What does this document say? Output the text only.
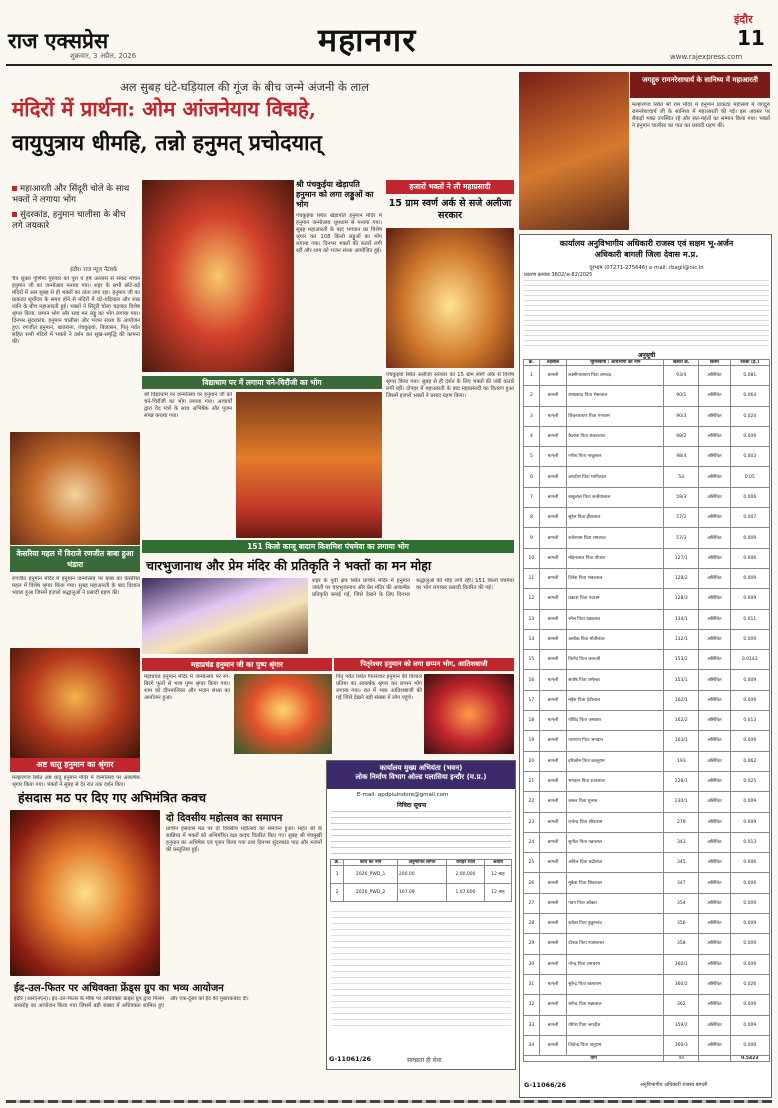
राज एक्सप्रेस
शुक्रवार, 3 अप्रैल, 2026	महानगर
इंदौर
11
www.rajexpress.com
अल सुबह घंटे-घड़ियाल की गूंज के बीच जन्मे अंजनी के लाल
मंदिरों में प्रार्थना: ओम आंजनेयाय विद्महे,
वायुपुत्राय धीमहि, तन्नो हनुमत् प्रचोदयात्
जगद्गुरु रामनरेशाचार्य के सानिध्य में महाआरती
मल्हारगंज स्थित श्री राम मंदिर में हनुमान प्राकट्य महोत्सव में जगद्गुरु रामनरेशाचार्य जी के सानिध्य में महाआरती की गई। इस अवसर पर सैकड़ों भक्त उपस्थित रहे और संत-महंतों का सम्मान किया गया। भक्तों ने हनुमान चालीसा का पाठ कर प्रसादी ग्रहण की।
महाआरती और सिंदूरी चोले के साथ भक्तों ने लगाया भोग
सुंदरकांड, हनुमान चालीसा के बीच लगे जयकारे
इंदौर। राज न्यूज नेटवर्क
चैत्र शुक्ल पूर्णिमा गुरुवार को पूरा व हर्ष उल्लास से संकट मोचन हनुमान जी का जन्मोत्सव मनाया गया। शहर के सभी छोटे-बड़े मंदिरों में अल सुबह से ही भक्तों का तांता लगा रहा। हनुमान जी का प्राकट्य सूर्योदय के समय होने से मंदिरों में घंटे-घड़ियाल और शंख ध्वनि के बीच महाआरती हुई। भक्तों ने सिंदूरी चोला चढ़ाकर विशेष श्रृंगार किया, छप्पन भोग और सवा मन लड्डू का भोग लगाया गया। दिनभर सुंदरकांड, हनुमान चालीसा और भजन संध्या के आयोजन हुए। रणजीत हनुमान, खजराना, पंचकुइया, बिजासन, पितृ पर्वत सहित सभी मंदिरों में भक्तों ने दर्शन कर सुख-समृद्धि की कामना की।
केसरिया महल में विराजे रणजीत बाबा हुआ भंडारा
रणजीत हनुमान मंदिर में हनुमान जन्मोत्सव पर बाबा का केसरिया महल में विशेष श्रृंगार किया गया। सुबह महाआरती के बाद विशाल भंडारा हुआ जिसमें हजारों श्रद्धालुओं ने प्रसादी ग्रहण की।
अष्ट धातु हनुमान का श्रृंगार
मल्हारगंज स्थित अष्ट धातु हनुमान मंदिर में जन्मोत्सव पर आकर्षक श्रृंगार किया गया। भक्तों ने सुबह से देर रात तक दर्शन किए।
श्री पंचकुईया खेड़ापति हनुमान को लगा लड्डुओं का भोग
पंचकुईया स्थित खेड़ापति हनुमान मंदिर में हनुमान जन्मोत्सव धूमधाम से मनाया गया। सुबह महाआरती के बाद भगवान का विशेष श्रृंगार कर 108 किलो लड्डुओं का भोग लगाया गया। दिनभर भक्तों की कतारें लगी रहीं और शाम को भजन संध्या आयोजित हुई।
हजारों भक्तों ने ली महाप्रसादी
15 ग्राम स्वर्ण अर्क से सजे अलीजा सरकार
पंचकुइया स्थित अलीजा सरकार का 15 ग्राम स्वर्ण अर्क से विशेष श्रृंगार किया गया। सुबह से ही दर्शन के लिए भक्तों की लंबी कतारें लगी रहीं। दोपहर में महाआरती के बाद महाप्रसादी का वितरण हुआ जिसमें हजारों भक्तों ने प्रसाद ग्रहण किया।
विद्याधाम पर में लगाया चने-चिरौंजी का भोग
श्री विद्याधाम पर जन्मोत्सव पर हनुमान जी को चने-चिरौंजी का भोग लगाया गया। आचार्यों द्वारा वेद मंत्रों के साथ अभिषेक और पूजन संपन्न कराया गया।
151 किलो काजू बादाम किशमिश पंचमेवा का लगाया भोग
चारभुजानाथ और प्रेम मंदिर की प्रतिकृति ने भक्तों का मन मोहा
शहर के पूर्वी क्षेत्र स्थित प्राचीन मंदिर में हनुमान जयंती पर चारभुजानाथ और प्रेम मंदिर की आकर्षक प्रतिकृति बनाई गई, जिसे देखने के लिए दिनभर श्रद्धालुओं की भीड़ लगी रही। 151 किलो पंचमेवा का भोग लगाकर प्रसादी वितरित की गई।
महाप्रचंड हनुमान जी का पुष्प श्रृंगार
महाप्रचंड हनुमान मंदिर में जन्मोत्सव पर रंग-बिरंगे फूलों से भव्य पुष्प श्रृंगार किया गया। शाम को दीपमालिका और भजन संध्या का आयोजन हुआ।
पितृरेश्वर हनुमान को लगा छप्पन भोग, आतिशबाजी
पितृ पर्वत स्थित पितरेश्वर हनुमान की विशाल प्रतिमा का आकर्षक श्रृंगार कर छप्पन भोग लगाया गया। रात में भव्य आतिशबाजी की गई जिसे देखने बड़ी संख्या में लोग पहुंचे।
हंसदास मठ पर दिए गए अभिमंत्रित कवच
दो दिवसीय महोत्सव का समापन
प्राचीन हंसदास मठ पर दो दिवसीय महोत्सव का समापन हुआ। महंत श्री के सान्निध्य में भक्तों को अभिमंत्रित रक्षा कवच वितरित किए गए। सुबह श्री पंचमुखी हनुमान का अभिषेक एवं पूजन किया गया तथा दिनभर सुंदरकांड पाठ और भजनों की प्रस्तुतियां हुईं।
ईद-उल-फितर पर अधिवक्ता फ्रेंड्स ग्रुप का भव्य आयोजन
इंदौर (आरएनएन)। ईद-उल-फितर के मौके पर अधिवक्ता फ्रेंड्स ग्रुप द्वारा मिलन समारोह का आयोजन किया गया जिसमें बड़ी संख्या में अधिवक्ता शामिल हुए और एक-दूसरे को ईद की मुबारकबाद दी।
कार्यालय मुख्य अभियंता (भवन)
लोक निर्माण विभाग ओल्ड पलासिया इन्दौर (म.प्र.)
E-mail: apdpiuindore@gmail.com
निविदा सूचना
क्र.	कार्य का नाम	अनुमानित लागत	धरोहर राशि	अवधि
1	2026_PWD_1	200.00	2,00,000	12 माह
2	2026_PWD_2	107.09	1,07,600	12 माह
G-11061/26	स्वच्छता ही सेवा
कार्यालय अनुविभागीय अधिकारी राजस्व एवं सक्षम भू-अर्जन
अधिकारी बागली जिला देवास म.प्र.
दूरभाष (07271-275646) e-mail: rbagli@nic.in
प्रकरण क्रमांक 3602/अ-82/2025
अनुसूची
क्र.	तहसील	भूमिस्वामी / अधिभोगी का नाम	खसरा क्र.	किस्म	रकबा (हे.)
1	बागली	लक्ष्मीनारायण पिता रामचंद्र	93/4	असिंचित	0.081
2	बागली	रामप्रसाद पिता भेरूलाल	90/1	असिंचित	0.064
3	बागली	शिवनारायण पिता गंगाराम	90/3	असिंचित	0.024
4	बागली	कैलाश पिता शंकरलाल	98/2	असिंचित	0.009
5	बागली	गणेश पिता नाथूलाल	98/4	असिंचित	0.003
6	बागली	जगदीश पिता मांगीलाल	54	असिंचित	0.05
7	बागली	बाबूलाल पिता कन्हैयालाल	59/3	असिंचित	0.006
8	बागली	सुरेश पिता हीरालाल	57/2	असिंचित	0.007
9	बागली	राधेश्याम पिता रामलाल	57/3	असिंचित	0.009
10	बागली	मोहनलाल पिता गोपाल	127/1	असिंचित	0.006
11	बागली	दिनेश पिता भंवरलाल	128/2	असिंचित	0.009
12	बागली	प्रकाश पिता नंदराम	128/3	असिंचित	0.009
13	बागली	रमेश पिता धन्नालाल	134/1	असिंचित	0.011
14	बागली	अशोक पिता मोतीलाल	132/1	असिंचित	0.009
15	बागली	विनोद पिता लालजी	153/2	असिंचित	0.0143
16	बागली	संतोष पिता रामेश्वर	153/1	असिंचित	0.009
17	बागली	महेश पिता देवीलाल	162/1	असिंचित	0.009
18	बागली	गोविंद पिता जगन्नाथ	162/2	असिंचित	0.013
19	बागली	नारायण पिता भगवान	163/1	असिंचित	0.009
20	बागली	हरिओम पिता कालूराम	193	असिंचित	0.062
21	बागली	भगवान पिता रतनलाल	228/1	असिंचित	0.025
22	बागली	कमल पिता गुलाब	230/1	असिंचित	0.009
23	बागली	राजेन्द्र पिता सीताराम	279	असिंचित	0.009
24	बागली	सुनील पिता पन्नालाल	343	असिंचित	0.013
25	बागली	अनिल पिता बद्रीलाल	345	असिंचित	0.006
26	बागली	मुकेश पिता शिवलाल	347	असिंचित	0.006
27	बागली	पवन पिता ओंकार	354	असिंचित	0.009
28	बागली	राकेश पिता हुकुमचंद	356	असिंचित	0.009
29	बागली	दीपक पिता श्यामलाल	358	असिंचित	0.009
30	बागली	नरेन्द्र पिता रामचरण	360/1	असिंचित	0.009
31	बागली	सुरेन्द्र पिता बालाराम	360/2	असिंचित	0.026
32	बागली	धर्मेन्द्र पिता मन्नालाल	362	असिंचित	0.009
33	बागली	योगेश पिता जगदीश	359/2	असिंचित	0.009
34	बागली	जितेन्द्र पिता नानूराम	360/3	असिंचित	0.009
योग			44		0.5423
G-11066/26	अनुविभागीय अधिकारी राजस्व बागली
